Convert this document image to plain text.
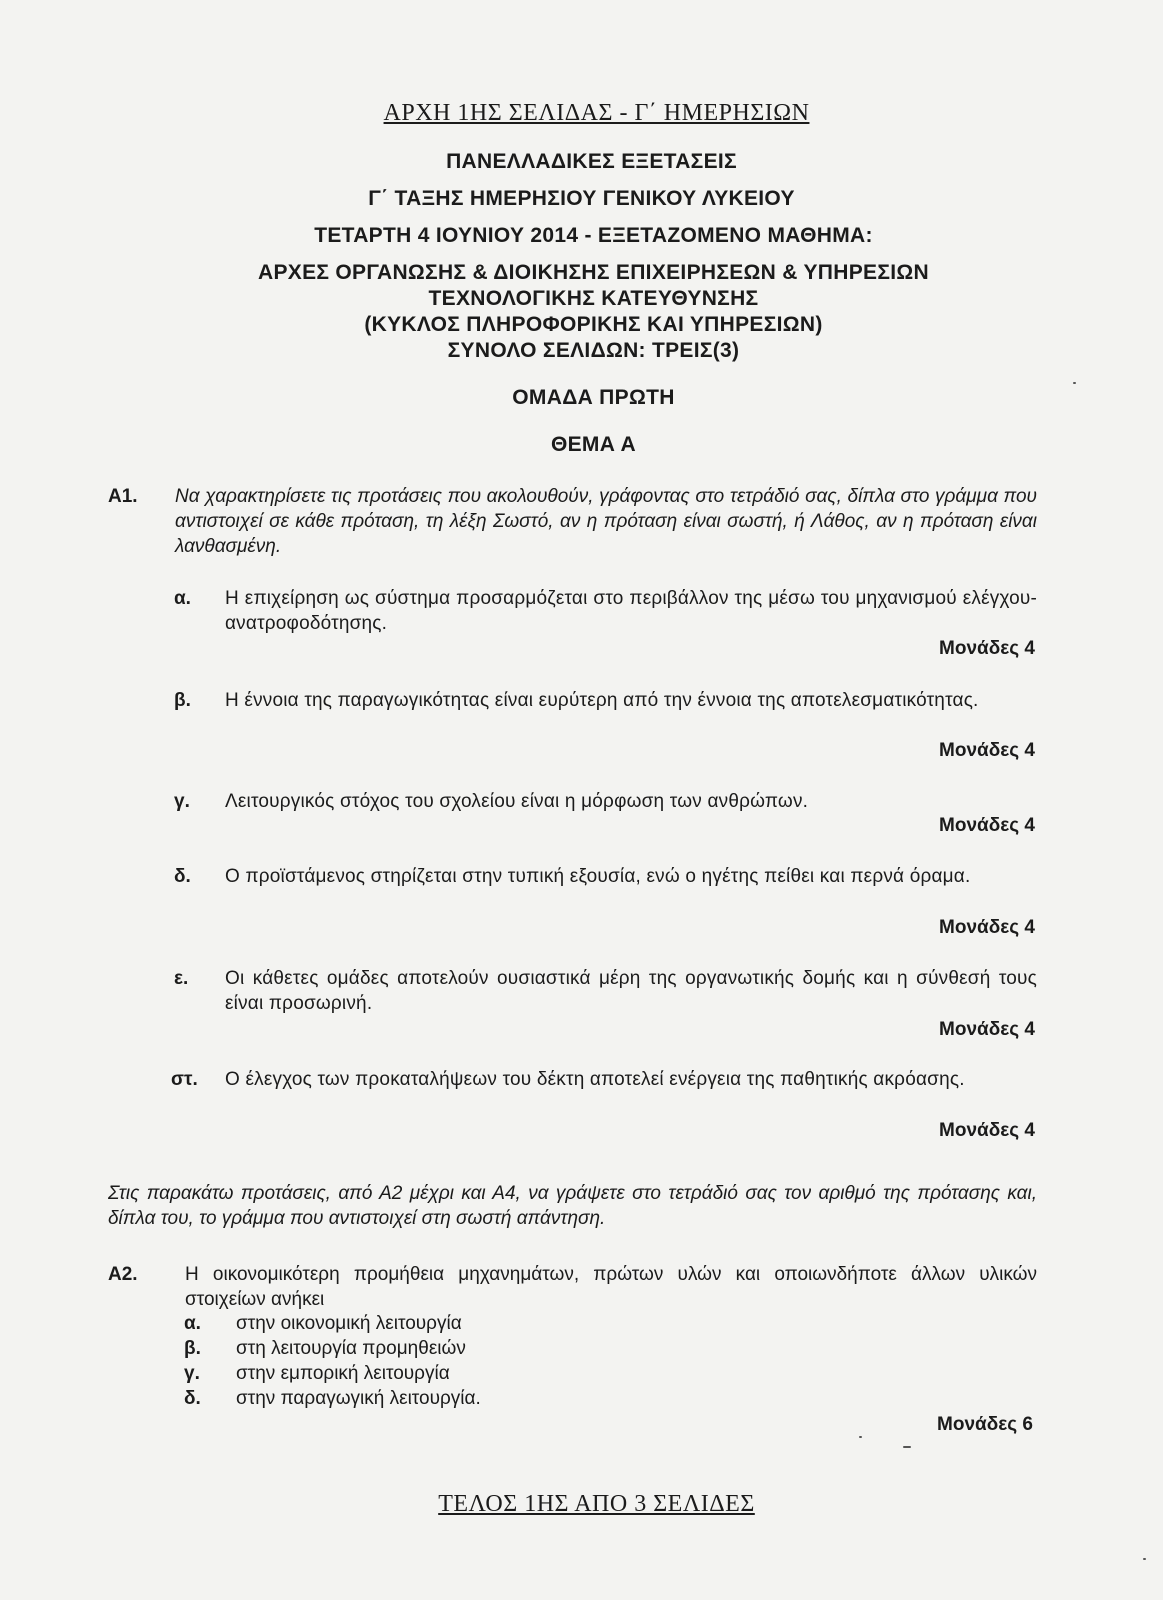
ΑΡΧΗ 1ΗΣ ΣΕΛΙΔΑΣ - Γ΄ ΗΜΕΡΗΣΙΩΝ
ΠΑΝΕΛΛΑΔΙΚΕΣ ΕΞΕΤΑΣΕΙΣ
Γ΄ ΤΑΞΗΣ ΗΜΕΡΗΣΙΟΥ ΓΕΝΙΚΟΥ ΛΥΚΕΙΟΥ
ΤΕΤΑΡΤΗ 4 ΙΟΥΝΙΟΥ 2014 - ΕΞΕΤΑΖΟΜΕΝΟ ΜΑΘΗΜΑ:
ΑΡΧΕΣ ΟΡΓΑΝΩΣΗΣ & ΔΙΟΙΚΗΣΗΣ ΕΠΙΧΕΙΡΗΣΕΩΝ & ΥΠΗΡΕΣΙΩΝ
ΤΕΧΝΟΛΟΓΙΚΗΣ ΚΑΤΕΥΘΥΝΣΗΣ
(ΚΥΚΛΟΣ ΠΛΗΡΟΦΟΡΙΚΗΣ ΚΑΙ ΥΠΗΡΕΣΙΩΝ)
ΣΥΝΟΛΟ ΣΕΛΙΔΩΝ: ΤΡΕΙΣ(3)
ΟΜΑΔΑ ΠΡΩΤΗ
ΘΕΜΑ Α
Α1. Να χαρακτηρίσετε τις προτάσεις που ακολουθούν, γράφοντας στο τετράδιό σας, δίπλα στο γράμμα που αντιστοιχεί σε κάθε πρόταση, τη λέξη Σωστό, αν η πρόταση είναι σωστή, ή Λάθος, αν η πρόταση είναι λανθασμένη.
α. Η επιχείρηση ως σύστημα προσαρμόζεται στο περιβάλλον της μέσω του μηχανισμού ελέγχου-ανατροφοδότησης.
Μονάδες 4
β. Η έννοια της παραγωγικότητας είναι ευρύτερη από την έννοια της αποτελεσματικότητας.
Μονάδες 4
γ. Λειτουργικός στόχος του σχολείου είναι η μόρφωση των ανθρώπων.
Μονάδες 4
δ. Ο προϊστάμενος στηρίζεται στην τυπική εξουσία, ενώ ο ηγέτης πείθει και περνά όραμα.
Μονάδες 4
ε. Οι κάθετες ομάδες αποτελούν ουσιαστικά μέρη της οργανωτικής δομής και η σύνθεσή τους είναι προσωρινή.
Μονάδες 4
στ. Ο έλεγχος των προκαταλήψεων του δέκτη αποτελεί ενέργεια της παθητικής ακρόασης.
Μονάδες 4
Στις παρακάτω προτάσεις, από Α2 μέχρι και Α4, να γράψετε στο τετράδιό σας τον αριθμό της πρότασης και, δίπλα του, το γράμμα που αντιστοιχεί στη σωστή απάντηση.
Α2. Η οικονομικότερη προμήθεια μηχανημάτων, πρώτων υλών και οποιωνδήποτε άλλων υλικών στοιχείων ανήκει
α. στην οικονομική λειτουργία
β. στη λειτουργία προμηθειών
γ. στην εμπορική λειτουργία
δ. στην παραγωγική λειτουργία.
Μονάδες 6
ΤΕΛΟΣ 1ΗΣ ΑΠΟ 3 ΣΕΛΙΔΕΣ
